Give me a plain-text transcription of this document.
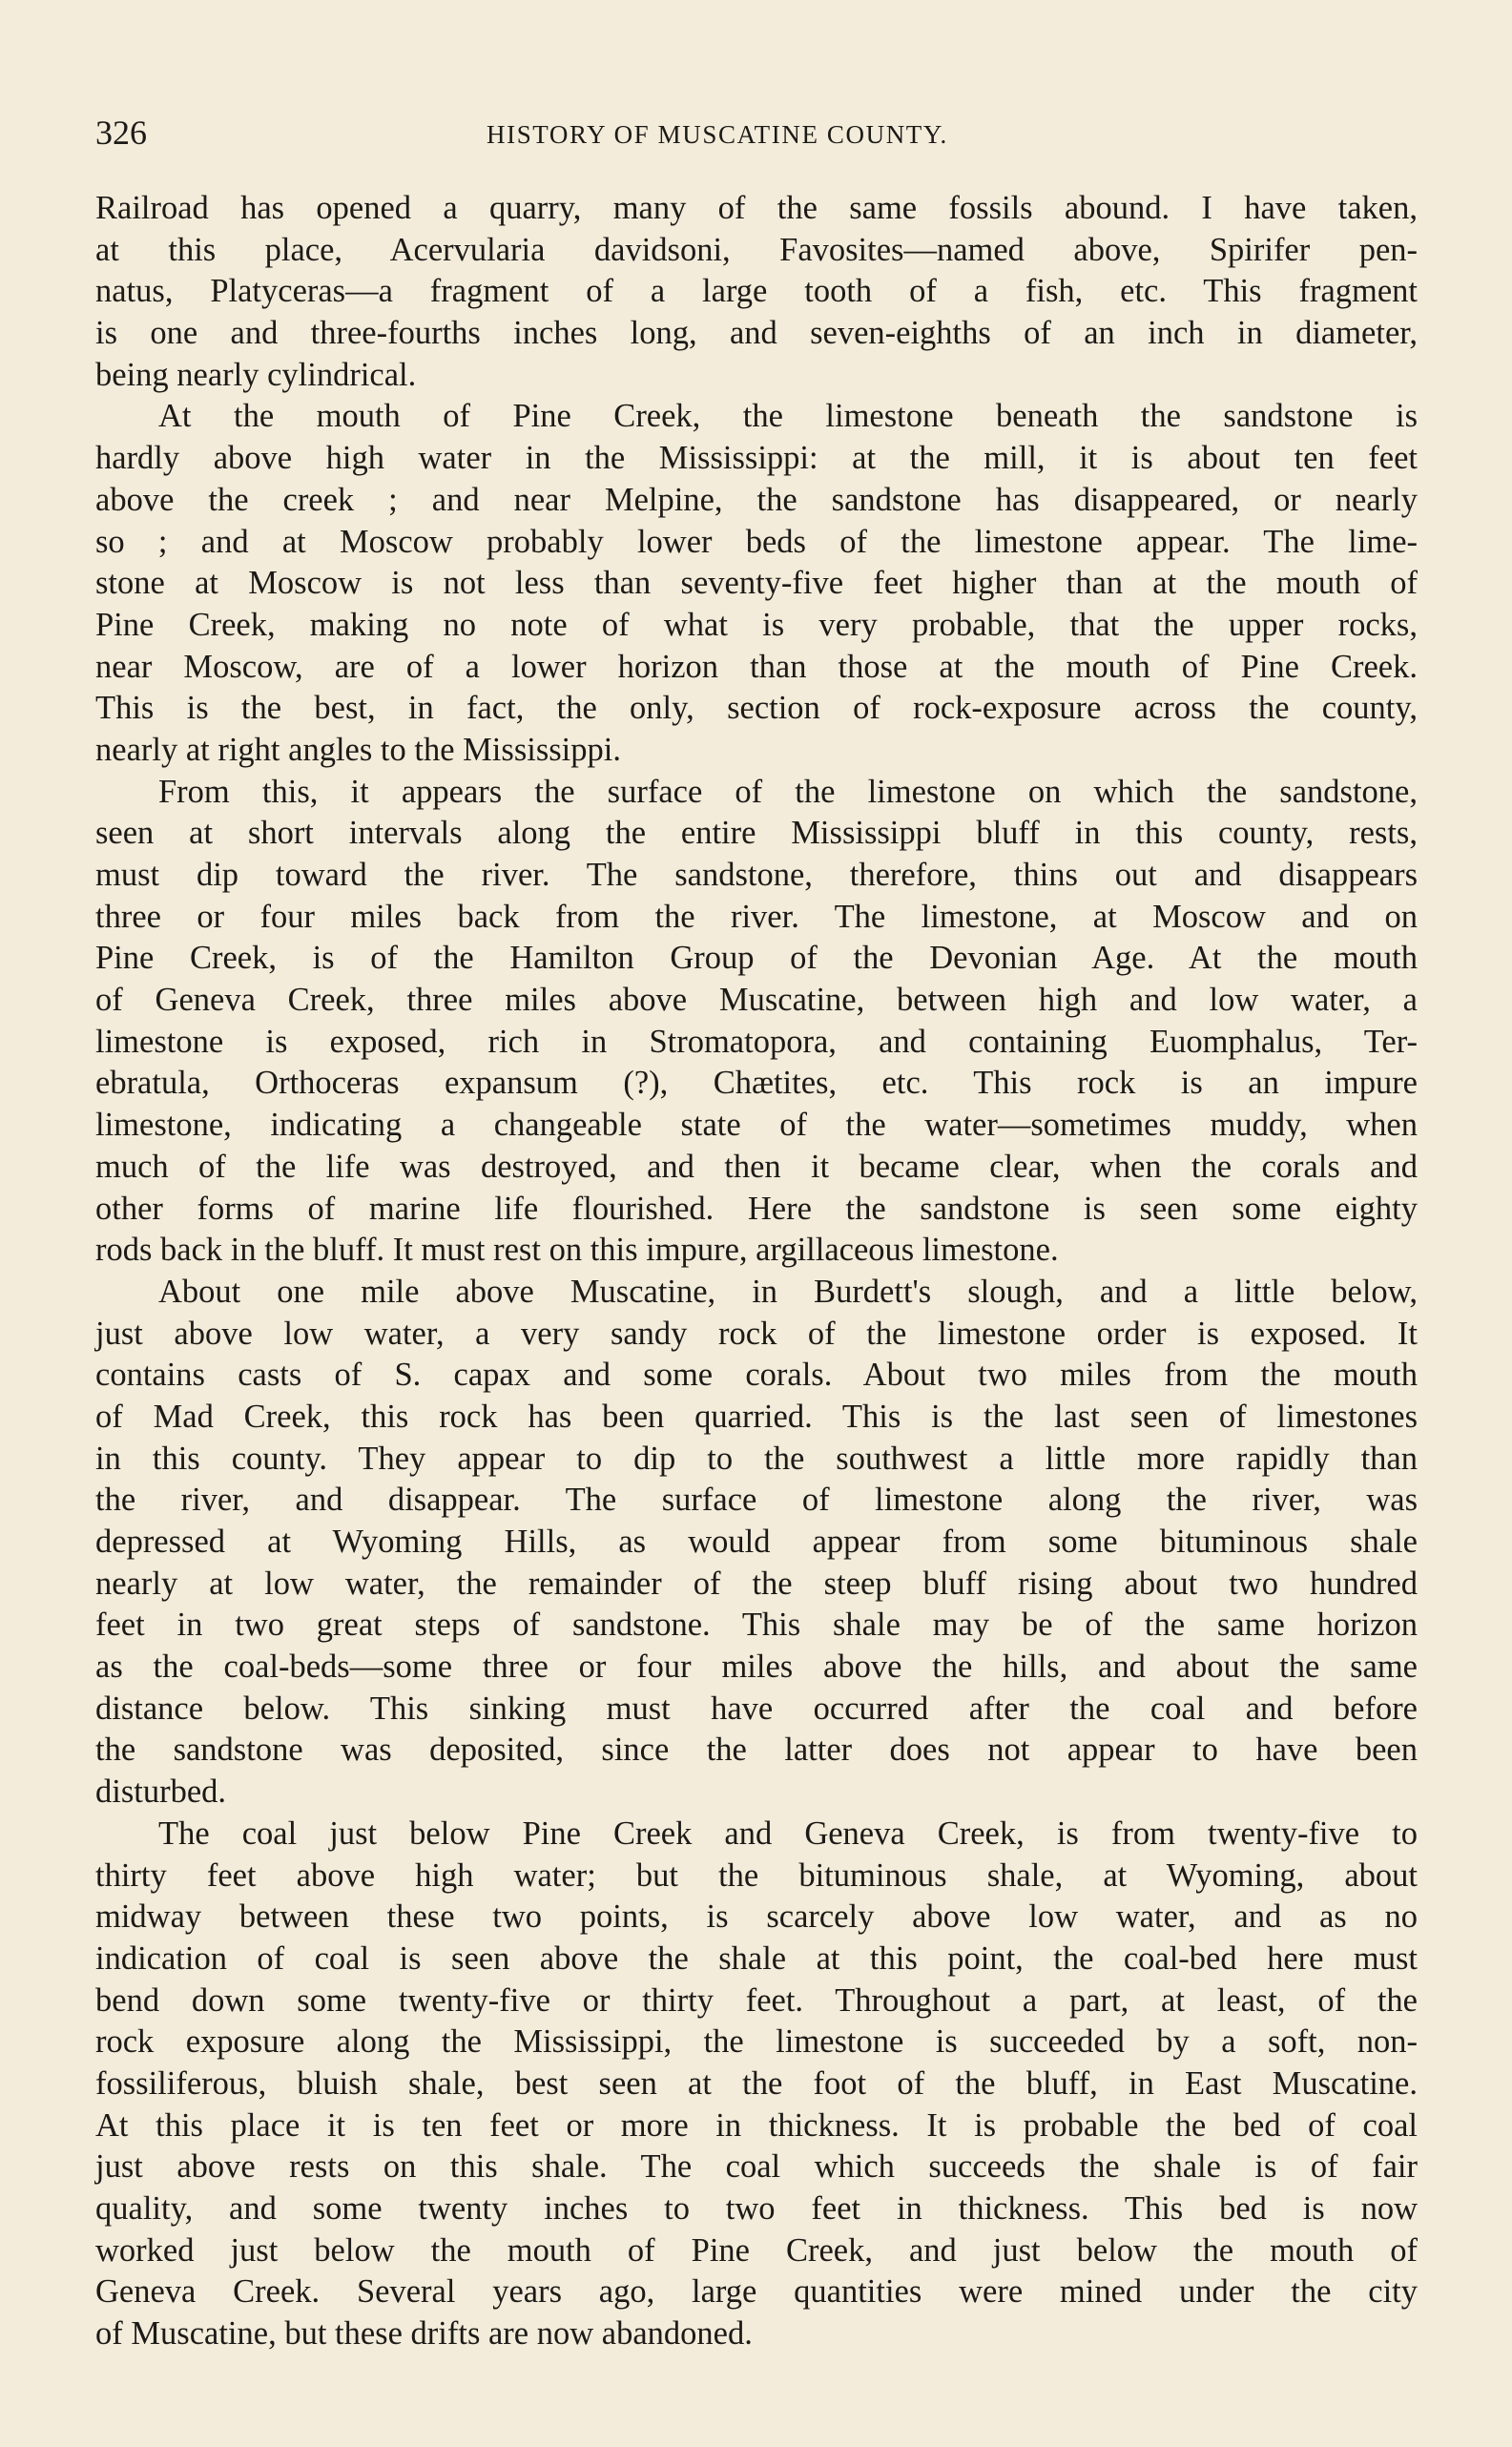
326	HISTORY OF MUSCATINE COUNTY.
Railroad has opened a quarry, many of the same fossils abound. I have taken,
at this place, Acervularia davidsoni, Favosites—named above, Spirifer pen-
natus, Platyceras—a fragment of a large tooth of a fish, etc. This fragment
is one and three-fourths inches long, and seven-eighths of an inch in diameter,
being nearly cylindrical.
At the mouth of Pine Creek, the limestone beneath the sandstone is
hardly above high water in the Mississippi: at the mill, it is about ten feet
above the creek ; and near Melpine, the sandstone has disappeared, or nearly
so ; and at Moscow probably lower beds of the limestone appear. The lime-
stone at Moscow is not less than seventy-five feet higher than at the mouth of
Pine Creek, making no note of what is very probable, that the upper rocks,
near Moscow, are of a lower horizon than those at the mouth of Pine Creek.
This is the best, in fact, the only, section of rock-exposure across the county,
nearly at right angles to the Mississippi.
From this, it appears the surface of the limestone on which the sandstone,
seen at short intervals along the entire Mississippi bluff in this county, rests,
must dip toward the river. The sandstone, therefore, thins out and disappears
three or four miles back from the river. The limestone, at Moscow and on
Pine Creek, is of the Hamilton Group of the Devonian Age. At the mouth
of Geneva Creek, three miles above Muscatine, between high and low water, a
limestone is exposed, rich in Stromatopora, and containing Euomphalus, Ter-
ebratula, Orthoceras expansum (?), Chætites, etc. This rock is an impure
limestone, indicating a changeable state of the water—sometimes muddy, when
much of the life was destroyed, and then it became clear, when the corals and
other forms of marine life flourished. Here the sandstone is seen some eighty
rods back in the bluff. It must rest on this impure, argillaceous limestone.
About one mile above Muscatine, in Burdett's slough, and a little below,
just above low water, a very sandy rock of the limestone order is exposed. It
contains casts of S. capax and some corals. About two miles from the mouth
of Mad Creek, this rock has been quarried. This is the last seen of limestones
in this county. They appear to dip to the southwest a little more rapidly than
the river, and disappear. The surface of limestone along the river, was
depressed at Wyoming Hills, as would appear from some bituminous shale
nearly at low water, the remainder of the steep bluff rising about two hundred
feet in two great steps of sandstone. This shale may be of the same horizon
as the coal-beds—some three or four miles above the hills, and about the same
distance below. This sinking must have occurred after the coal and before
the sandstone was deposited, since the latter does not appear to have been
disturbed.
The coal just below Pine Creek and Geneva Creek, is from twenty-five to
thirty feet above high water; but the bituminous shale, at Wyoming, about
midway between these two points, is scarcely above low water, and as no
indication of coal is seen above the shale at this point, the coal-bed here must
bend down some twenty-five or thirty feet. Throughout a part, at least, of the
rock exposure along the Mississippi, the limestone is succeeded by a soft, non-
fossiliferous, bluish shale, best seen at the foot of the bluff, in East Muscatine.
At this place it is ten feet or more in thickness. It is probable the bed of coal
just above rests on this shale. The coal which succeeds the shale is of fair
quality, and some twenty inches to two feet in thickness. This bed is now
worked just below the mouth of Pine Creek, and just below the mouth of
Geneva Creek. Several years ago, large quantities were mined under the city
of Muscatine, but these drifts are now abandoned.
